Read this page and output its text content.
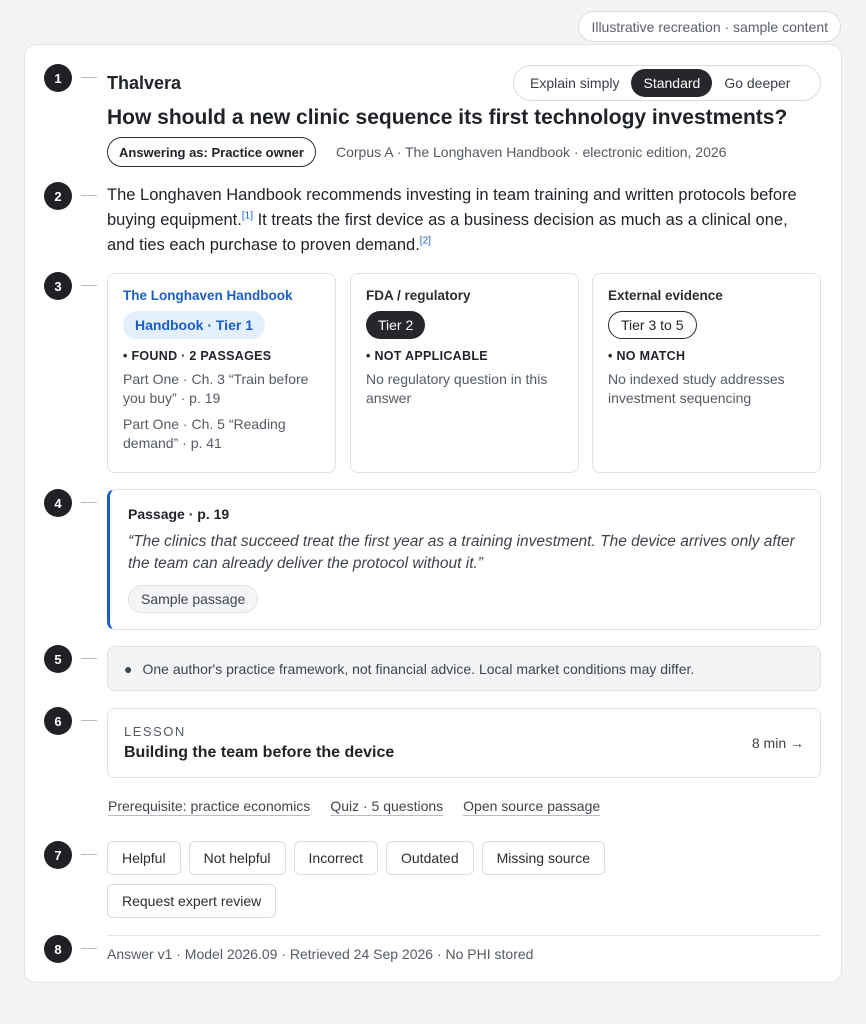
Illustrative recreation · sample content
1
2
3
4
5
6
7
8
Thalvera	Explain simply	Standard	Go deeper
How should a new clinic sequence its first technology investments?
Answering as: Practice owner	Corpus A · The Longhaven Handbook · electronic edition, 2026
The Longhaven Handbook recommends investing in team training and written protocols before buying equipment.[1] It treats the first device as a business decision as much as a clinical one, and ties each purchase to proven demand.[2]
The Longhaven Handbook
Handbook · Tier 1
• FOUND · 2 PASSAGES
Part One · Ch. 3 “Train before you buy” · p. 19
Part One · Ch. 5 “Reading demand” · p. 41
FDA / regulatory
Tier 2
• NOT APPLICABLE
No regulatory question in this answer
External evidence
Tier 3 to 5
• NO MATCH
No indexed study addresses investment sequencing
Passage · p. 19
“The clinics that succeed treat the first year as a training investment. The device arrives only after the team can already deliver the protocol without it.”
Sample passage
● One author's practice framework, not financial advice. Local market conditions may differ.
LESSON
Building the team before the device
8 min →
Prerequisite: practice economics Quiz · 5 questions Open source passage
Helpful	Not helpful	Incorrect	Outdated	Missing source
Request expert review
Answer v1 · Model 2026.09 · Retrieved 24 Sep 2026 · No PHI stored
